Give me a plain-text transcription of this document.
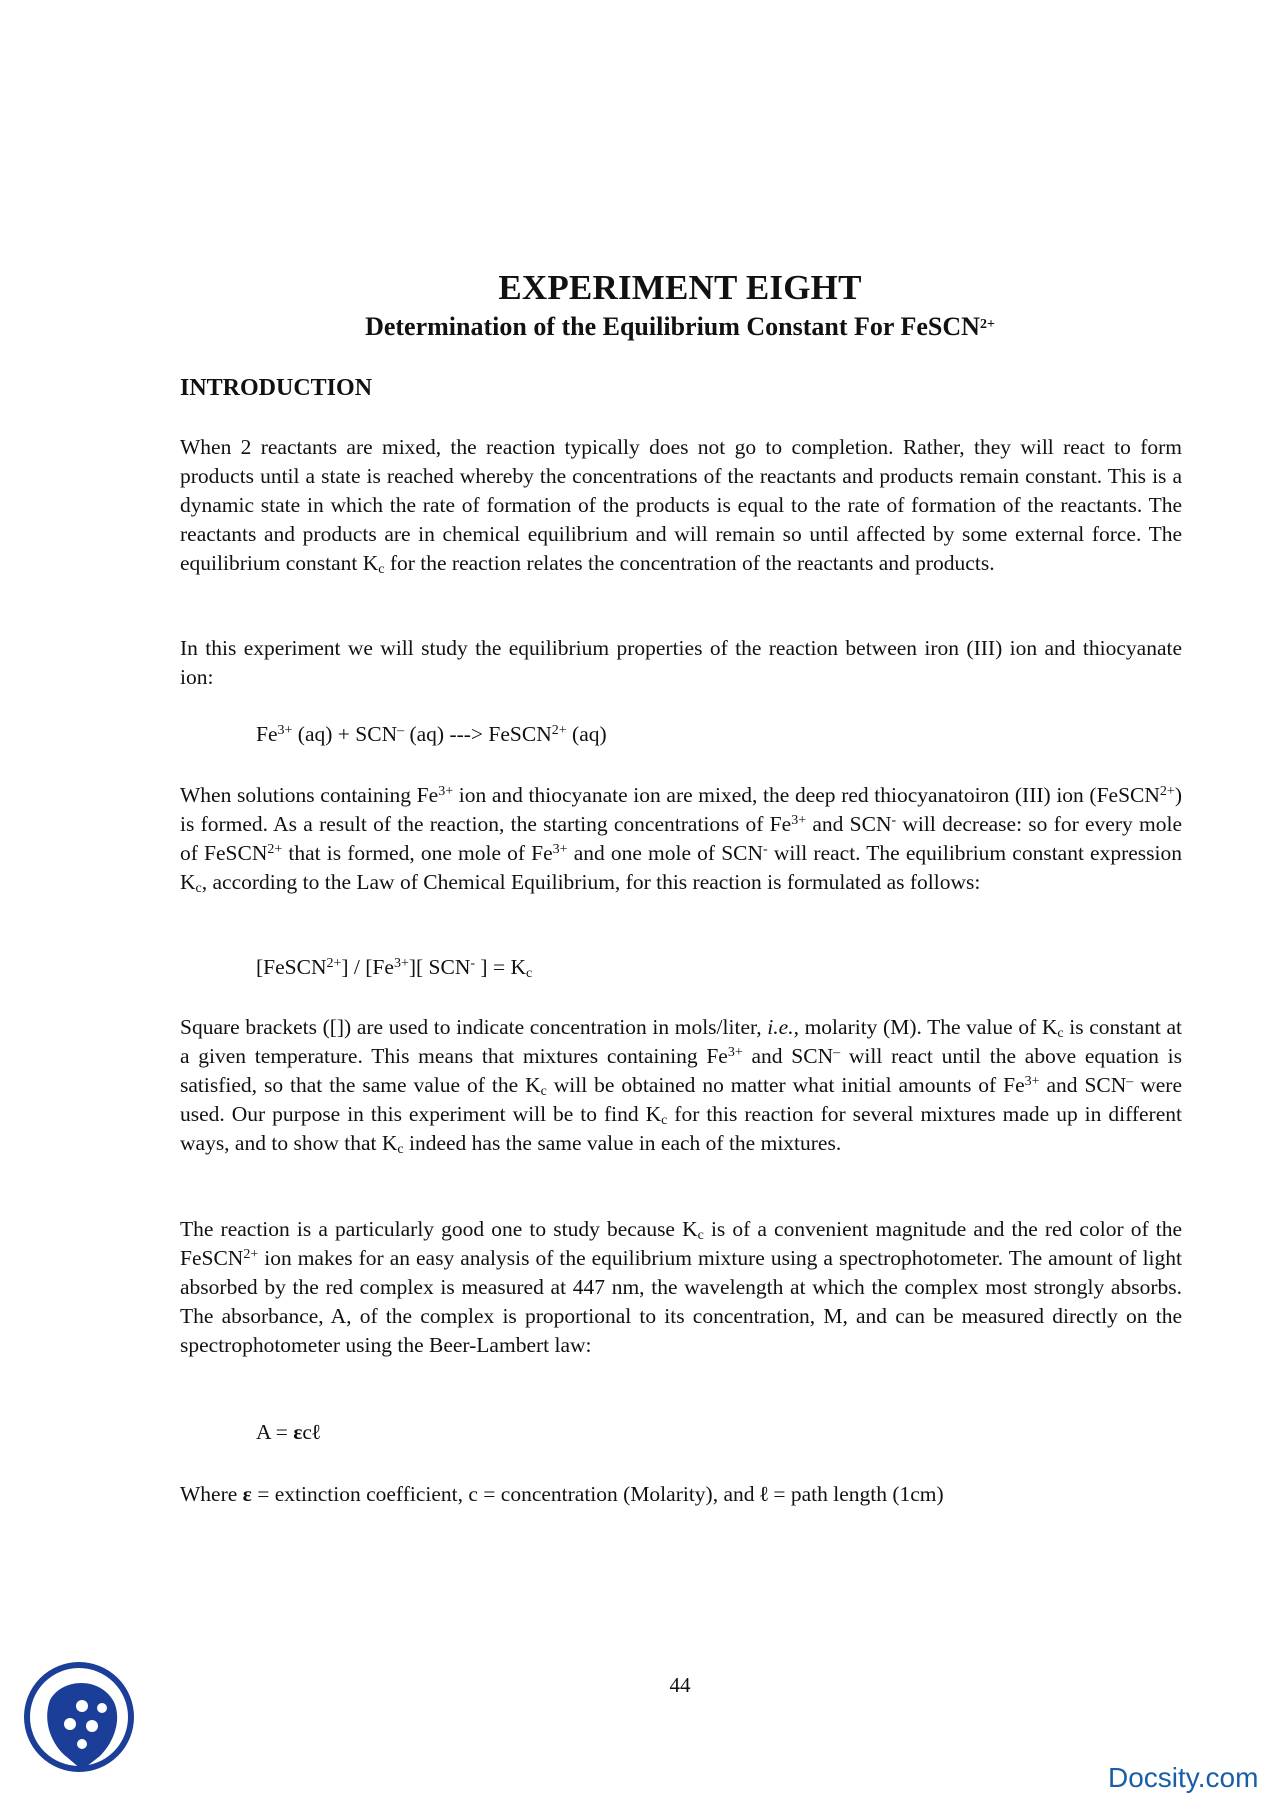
EXPERIMENT EIGHT
Determination of the Equilibrium Constant For FeSCN$^{2+}$
INTRODUCTION
When 2 reactants are mixed, the reaction typically does not go to completion. Rather, they will react to form products until a state is reached whereby the concentrations of the reactants and products remain constant. This is a dynamic state in which the rate of formation of the products is equal to the rate of formation of the reactants. The reactants and products are in chemical equilibrium and will remain so until affected by some external force. The equilibrium constant $K_c$ for the reaction relates the concentration of the reactants and products.
In this experiment we will study the equilibrium properties of the reaction between iron (III) ion and thiocyanate ion:
$Fe^{3+}$ (aq) + SCN– (aq) ---> FeSCN$^{2+}$ (aq)
When solutions containing $Fe^{3+}$ ion and thiocyanate ion are mixed, the deep red thiocyanatoiron (III) ion (FeSCN$^{2+}$) is formed. As a result of the reaction, the starting concentrations of $Fe^{3+}$ and SCN- will decrease: so for every mole of FeSCN$^{2+}$ that is formed, one mole of $Fe^{3+}$ and one mole of SCN- will react. The equilibrium constant expression $K_c$, according to the Law of Chemical Equilibrium, for this reaction is formulated as follows:
[FeSCN$^{2+}$] / $[Fe^{3+}]$[ SCN- ] = $K_c$
Square brackets ([]) are used to indicate concentration in mols/liter, i.e., molarity (M). The value of $K_c$ is constant at a given temperature. This means that mixtures containing $Fe^{3+}$ and SCN– will react until the above equation is satisfied, so that the same value of the $K_c$ will be obtained no matter what initial amounts of $Fe^{3+}$ and SCN– were used. Our purpose in this experiment will be to find $K_c$ for this reaction for several mixtures made up in different ways, and to show that $K_c$ indeed has the same value in each of the mixtures.
The reaction is a particularly good one to study because $K_c$ is of a convenient magnitude and the red color of the FeSCN$^{2+}$ ion makes for an easy analysis of the equilibrium mixture using a spectrophotometer. The amount of light absorbed by the red complex is measured at 447 nm, the wavelength at which the complex most strongly absorbs. The absorbance, A, of the complex is proportional to its concentration, M, and can be measured directly on the spectrophotometer using the Beer-Lambert law:
A = εcℓ
Where ε = extinction coefficient, c = concentration (Molarity), and ℓ = path length (1cm)
44
Docsity.com
